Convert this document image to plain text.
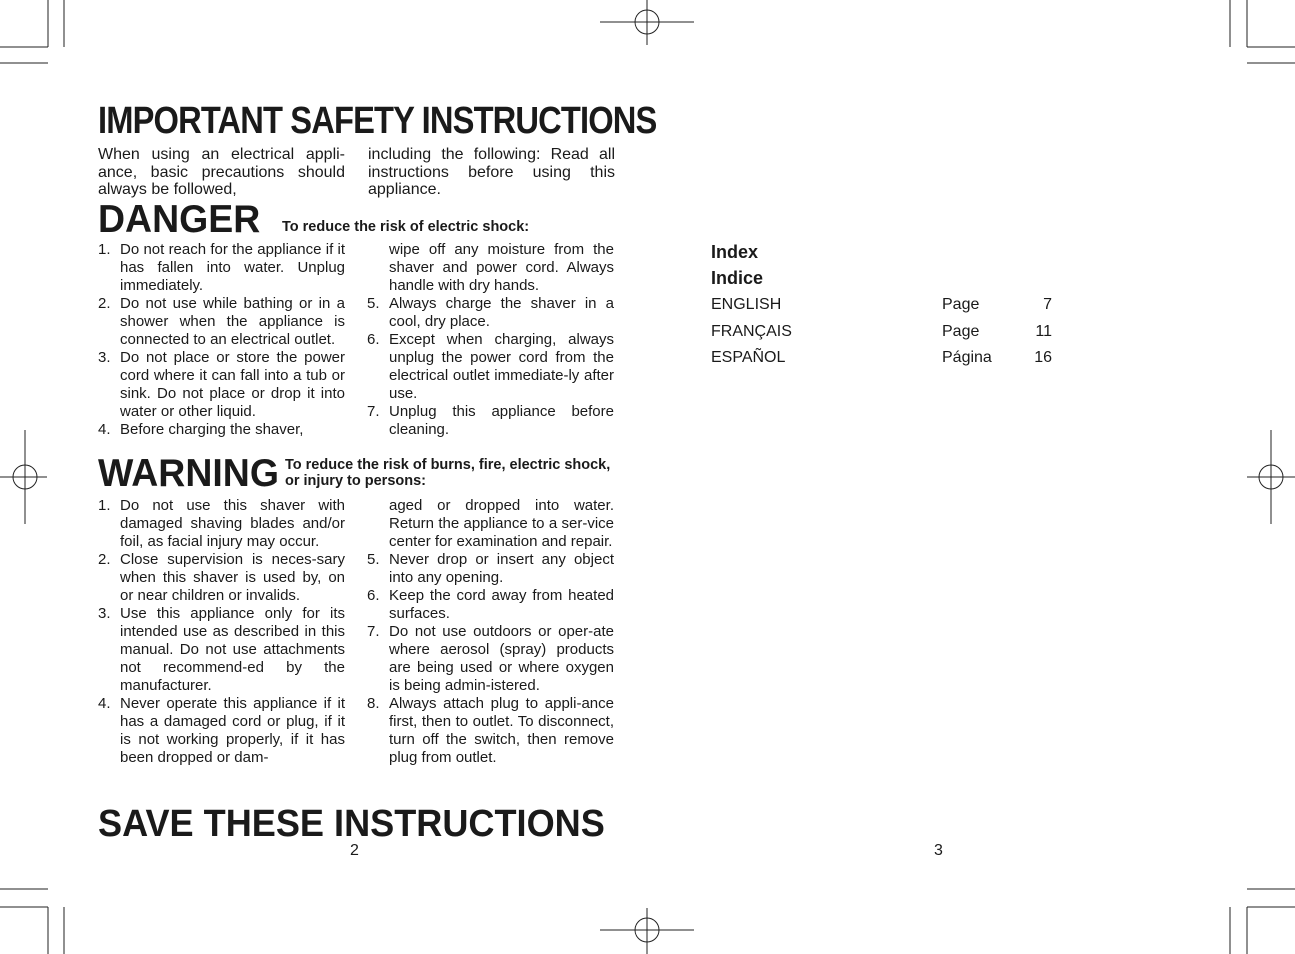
IMPORTANT SAFETY INSTRUCTIONS
When using an electrical appli-ance, basic precautions should always be followed,
including the following: Read all instructions before using this appliance.
DANGER To reduce the risk of electric shock:
1. Do not reach for the appliance if it has fallen into water. Unplug immediately.
2. Do not use while bathing or in a shower when the appliance is connected to an electrical outlet.
3. Do not place or store the power cord where it can fall into a tub or sink. Do not place or drop it into water or other liquid.
4. Before charging the shaver,
wipe off any moisture from the shaver and power cord. Always handle with dry hands.
5. Always charge the shaver in a cool, dry place.
6. Except when charging, always unplug the power cord from the electrical outlet immediate-ly after use.
7. Unplug this appliance before cleaning.
WARNING To reduce the risk of burns, fire, electric shock, or injury to persons:
1. Do not use this shaver with damaged shaving blades and/or foil, as facial injury may occur.
2. Close supervision is neces-sary when this shaver is used by, on or near children or invalids.
3. Use this appliance only for its intended use as described in this manual. Do not use attachments not recommend-ed by the manufacturer.
4. Never operate this appliance if it has a damaged cord or plug, if it is not working properly, if it has been dropped or dam-
aged or dropped into water. Return the appliance to a ser-vice center for examination and repair.
5. Never drop or insert any object into any opening.
6. Keep the cord away from heated surfaces.
7. Do not use outdoors or oper-ate where aerosol (spray) products are being used or where oxygen is being admin-istered.
8. Always attach plug to appli-ance first, then to outlet. To disconnect, turn off the switch, then remove plug from outlet.
SAVE THESE INSTRUCTIONS
2	3
Index
Indice
ENGLISH	Page	7
FRANÇAIS	Page	11
ESPAÑOL	Página	16
